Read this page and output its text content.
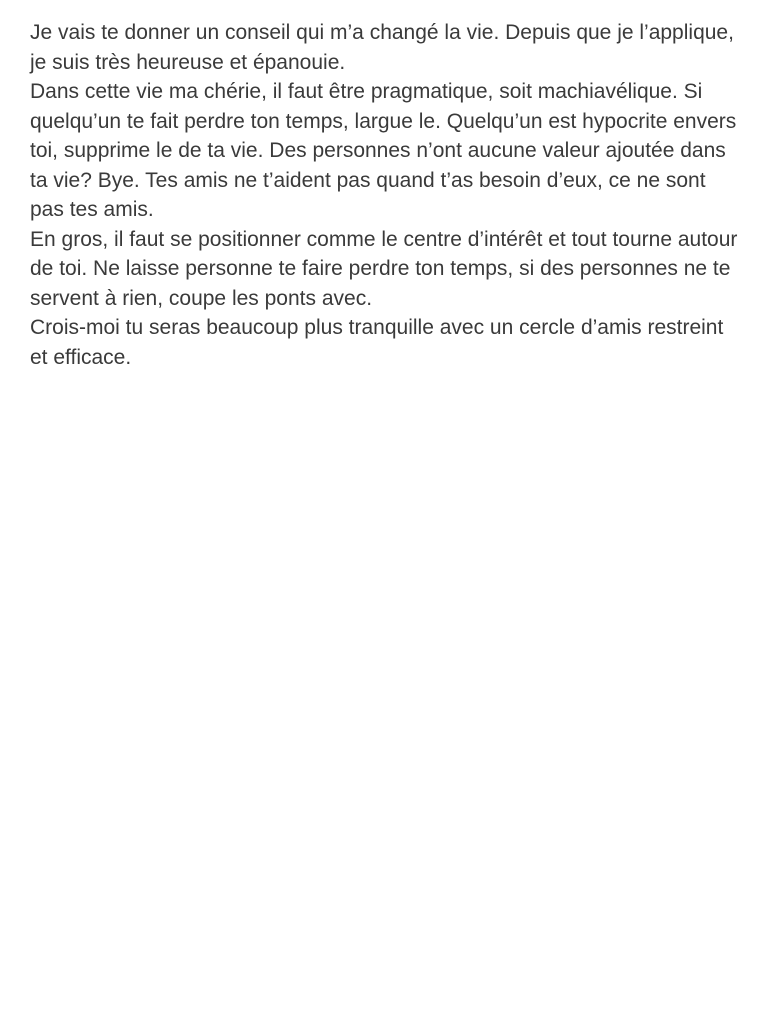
Je vais te donner un conseil qui m’a changé la vie. Depuis que je l’applique, je suis très heureuse et épanouie.

Dans cette vie ma chérie, il faut être pragmatique, soit machiavélique. Si quelqu’un te fait perdre ton temps, largue le. Quelqu’un est hypocrite envers toi, supprime le de ta vie. Des personnes n’ont aucune valeur ajoutée dans ta vie? Bye. Tes amis ne t’aident pas quand t’as besoin d’eux, ce ne sont pas tes amis.

En gros, il faut se positionner comme le centre d’intérêt et tout tourne autour de toi. Ne laisse personne te faire perdre ton temps, si des personnes ne te servent à rien, coupe les ponts avec.

Crois-moi tu seras beaucoup plus tranquille avec un cercle d’amis restreint et efficace.
